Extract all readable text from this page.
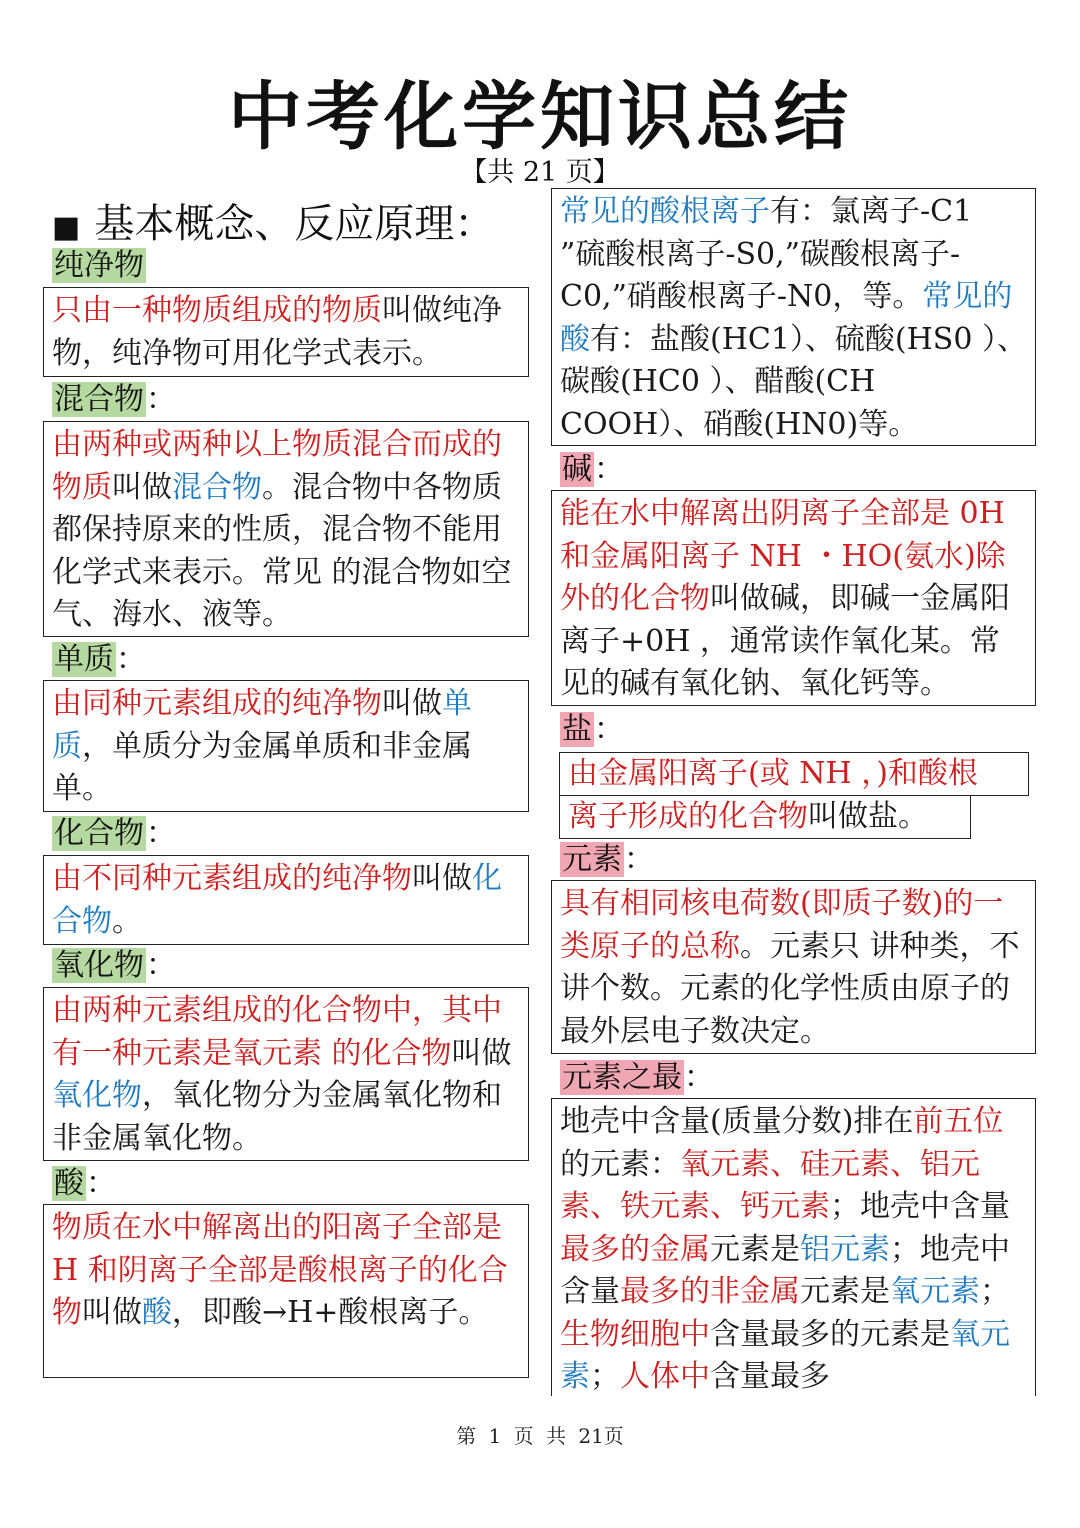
中考化学知识总结
【共 21 页】
■ 基本概念、反应原理：
纯净物
只由一种物质组成的物质叫做纯净物，纯净物可用化学式表示。
混合物：
由两种或两种以上物质混合而成的物质叫做混合物。混合物中各物质都保持原来的性质，混合物不能用化学式来表示。常见 的混合物如空气、海水、液等。
单质：
由同种元素组成的纯净物叫做单质，单质分为金属单质和非金属单。
化合物：
由不同种元素组成的纯净物叫做化合物。
氧化物：
由两种元素组成的化合物中，其中有一种元素是氧元素 的化合物叫做氧化物，氧化物分为金属氧化物和非金属氧化物。
酸：
物质在水中解离出的阳离子全部是 H 和阴离子全部是酸根离子的化合物叫做酸，即酸→H+酸根离子。
常见的酸根离子有：氯离子-C1 ”硫酸根离子-S0,”碳酸根离子-C0,”硝酸根离子-N0，等。常见的酸有：盐酸(HC1）、硫酸(HS0 ）、碳酸(HC0 ）、醋酸(CH COOH）、硝酸(HN0)等。
碱：
能在水中解离出阴离子全部是 0H 和金属阳离子 NH ・HO(氨水)除外的化合物叫做碱，即碱一金属阳离子+0H ，通常读作氧化某。常见的碱有氧化钠、氧化钙等。
盐：
由金属阳离子(或 NH ，)和酸根
离子形成的化合物叫做盐。
元素：
具有相同核电荷数(即质子数)的一类原子的总称。元素只 讲种类，不讲个数。元素的化学性质由原子的最外层电子数决定。
元素之最：
地壳中含量(质量分数)排在前五位的元素：氧元素、硅元素、铝元素、铁元素、钙元素；地壳中含量最多的金属元素是铝元素；地壳中含量最多的非金属元素是氧元素；生物细胞中含量最多的元素是氧元素；人体中含量最多
第 1 页 共 21页
